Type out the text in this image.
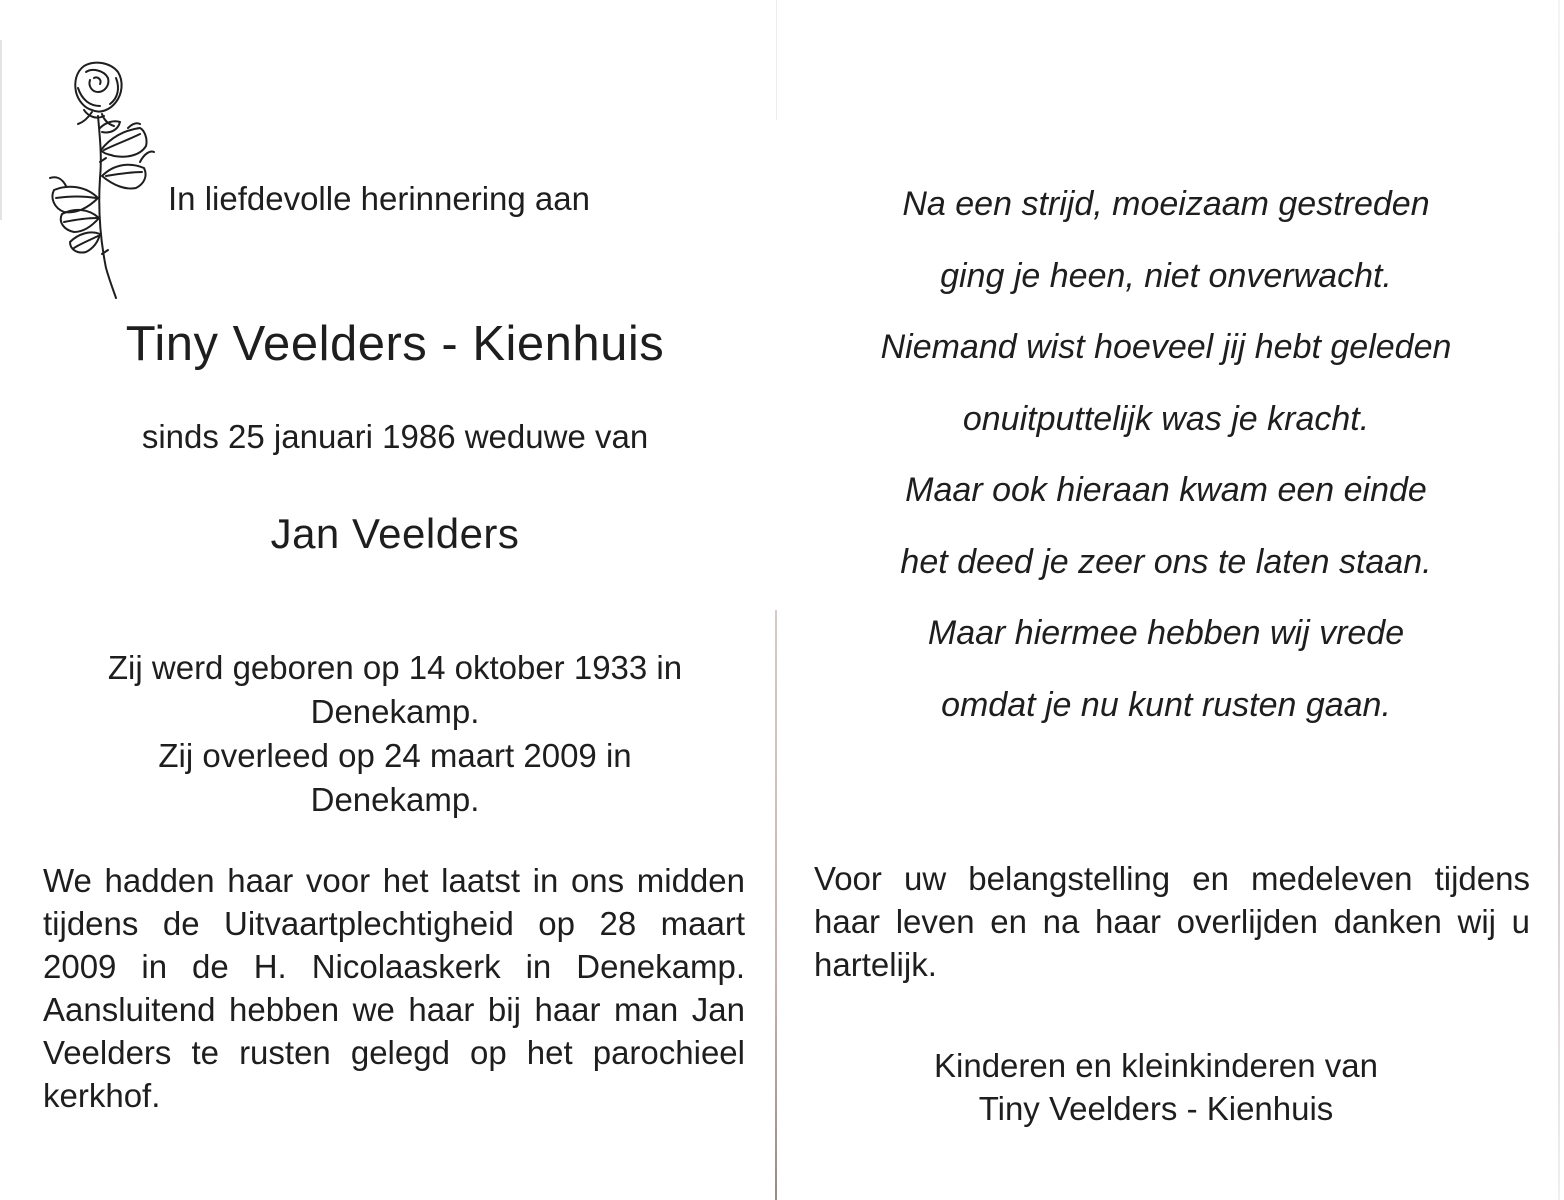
In liefdevolle herinnering aan
Tiny Veelders - Kienhuis
sinds 25 januari 1986 weduwe van
Jan Veelders
Zij werd geboren op 14 oktober 1933 in
Denekamp.
Zij overleed op 24 maart 2009 in
Denekamp.
We hadden haar voor het laatst in ons midden tijdens de Uitvaartplechtigheid op 28 maart 2009 in de H. Nicolaaskerk in Denekamp. Aansluitend hebben we haar bij haar man Jan Veelders te rusten gelegd op het parochieel kerkhof.
Na een strijd, moeizaam gestreden
ging je heen, niet onverwacht.
Niemand wist hoeveel jij hebt geleden
onuitputtelijk was je kracht.
Maar ook hieraan kwam een einde
het deed je zeer ons te laten staan.
Maar hiermee hebben wij vrede
omdat je nu kunt rusten gaan.
Voor uw belangstelling en medeleven tijdens haar leven en na haar overlijden danken wij u hartelijk.
Kinderen en kleinkinderen van
Tiny Veelders - Kienhuis
